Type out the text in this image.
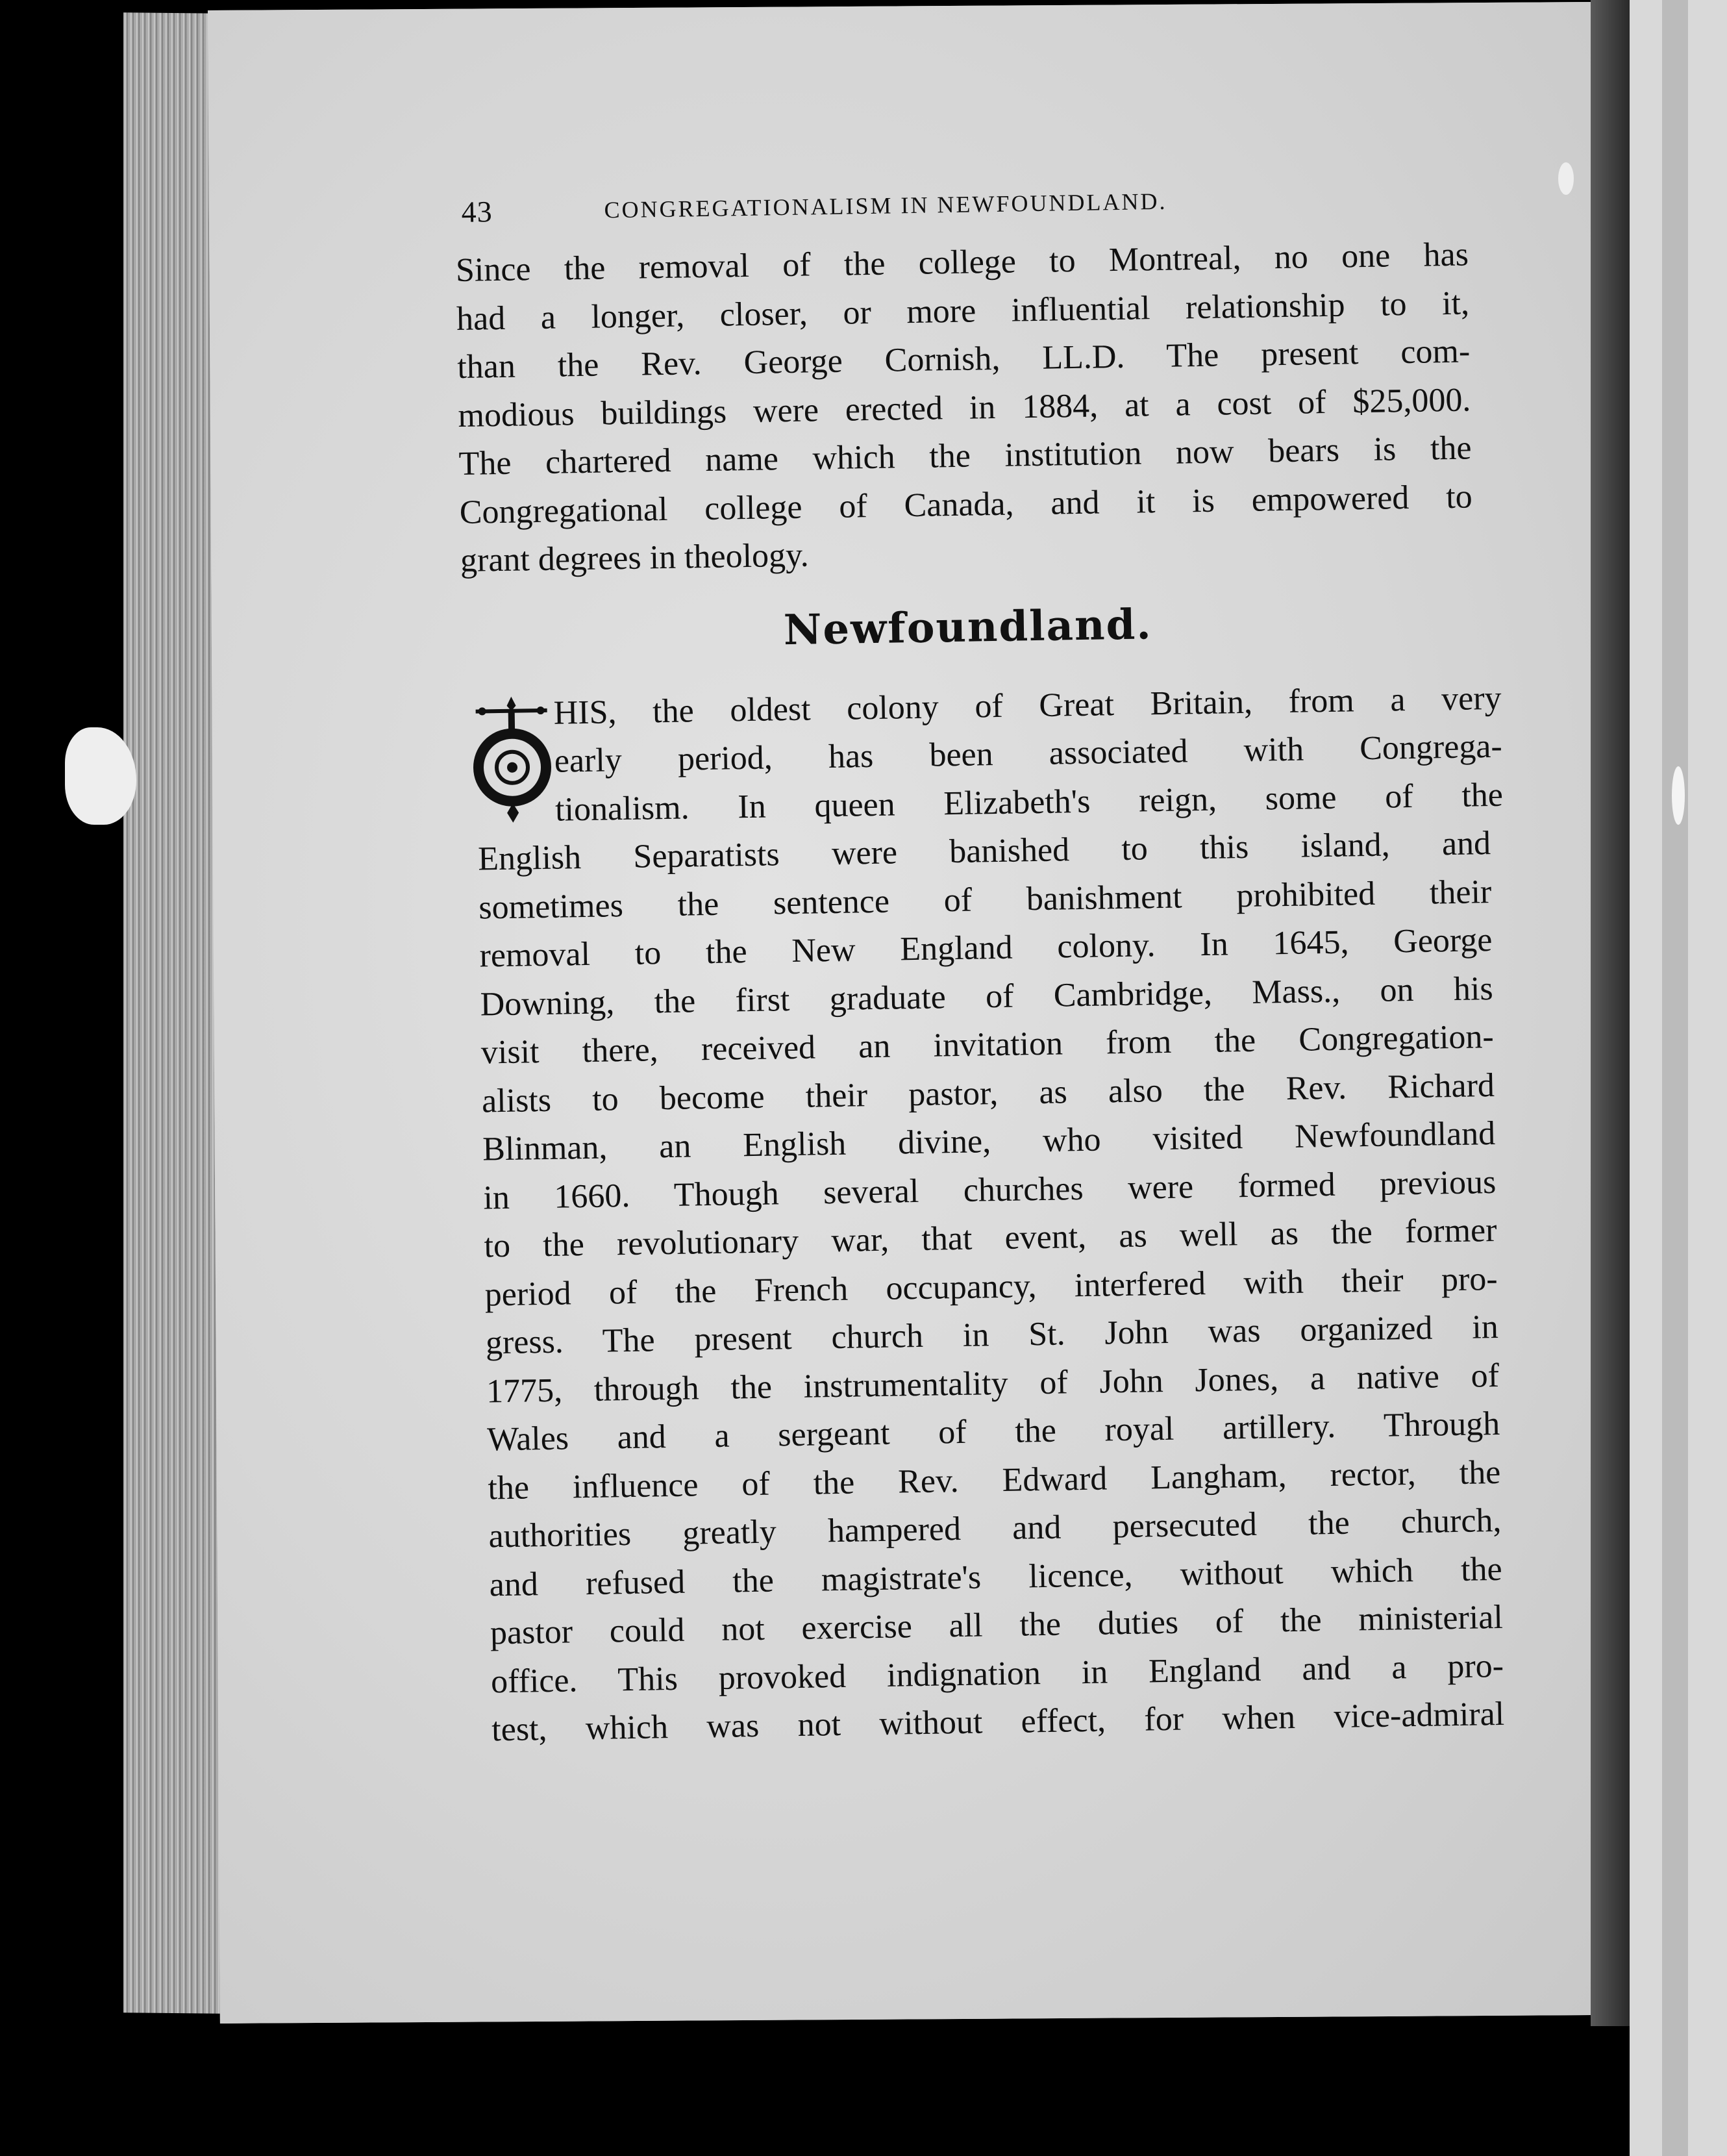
43	CONGREGATIONALISM IN NEWFOUNDLAND.
Since the removal of the college to Montreal, no one has
had a longer, closer, or more influential relationship to it,
than the Rev. George Cornish, LL.D. The present com-
modious buildings were erected in 1884, at a cost of $25,000.
The chartered name which the institution now bears is the
Congregational college of Canada, and it is empowered to
grant degrees in theology.
Newfoundland.
HIS, the oldest colony of Great Britain, from a very
early period, has been associated with Congrega-
tionalism. In queen Elizabeth's reign, some of the
English Separatists were banished to this island, and
sometimes the sentence of banishment prohibited their
removal to the New England colony. In 1645, George
Downing, the first graduate of Cambridge, Mass., on his
visit there, received an invitation from the Congregation-
alists to become their pastor, as also the Rev. Richard
Blinman, an English divine, who visited Newfoundland
in 1660. Though several churches were formed previous
to the revolutionary war, that event, as well as the former
period of the French occupancy, interfered with their pro-
gress. The present church in St. John was organized in
1775, through the instrumentality of John Jones, a native of
Wales and a sergeant of the royal artillery. Through
the influence of the Rev. Edward Langham, rector, the
authorities greatly hampered and persecuted the church,
and refused the magistrate's licence, without which the
pastor could not exercise all the duties of the ministerial
office. This provoked indignation in England and a pro-
test, which was not without effect, for when vice-admiral
